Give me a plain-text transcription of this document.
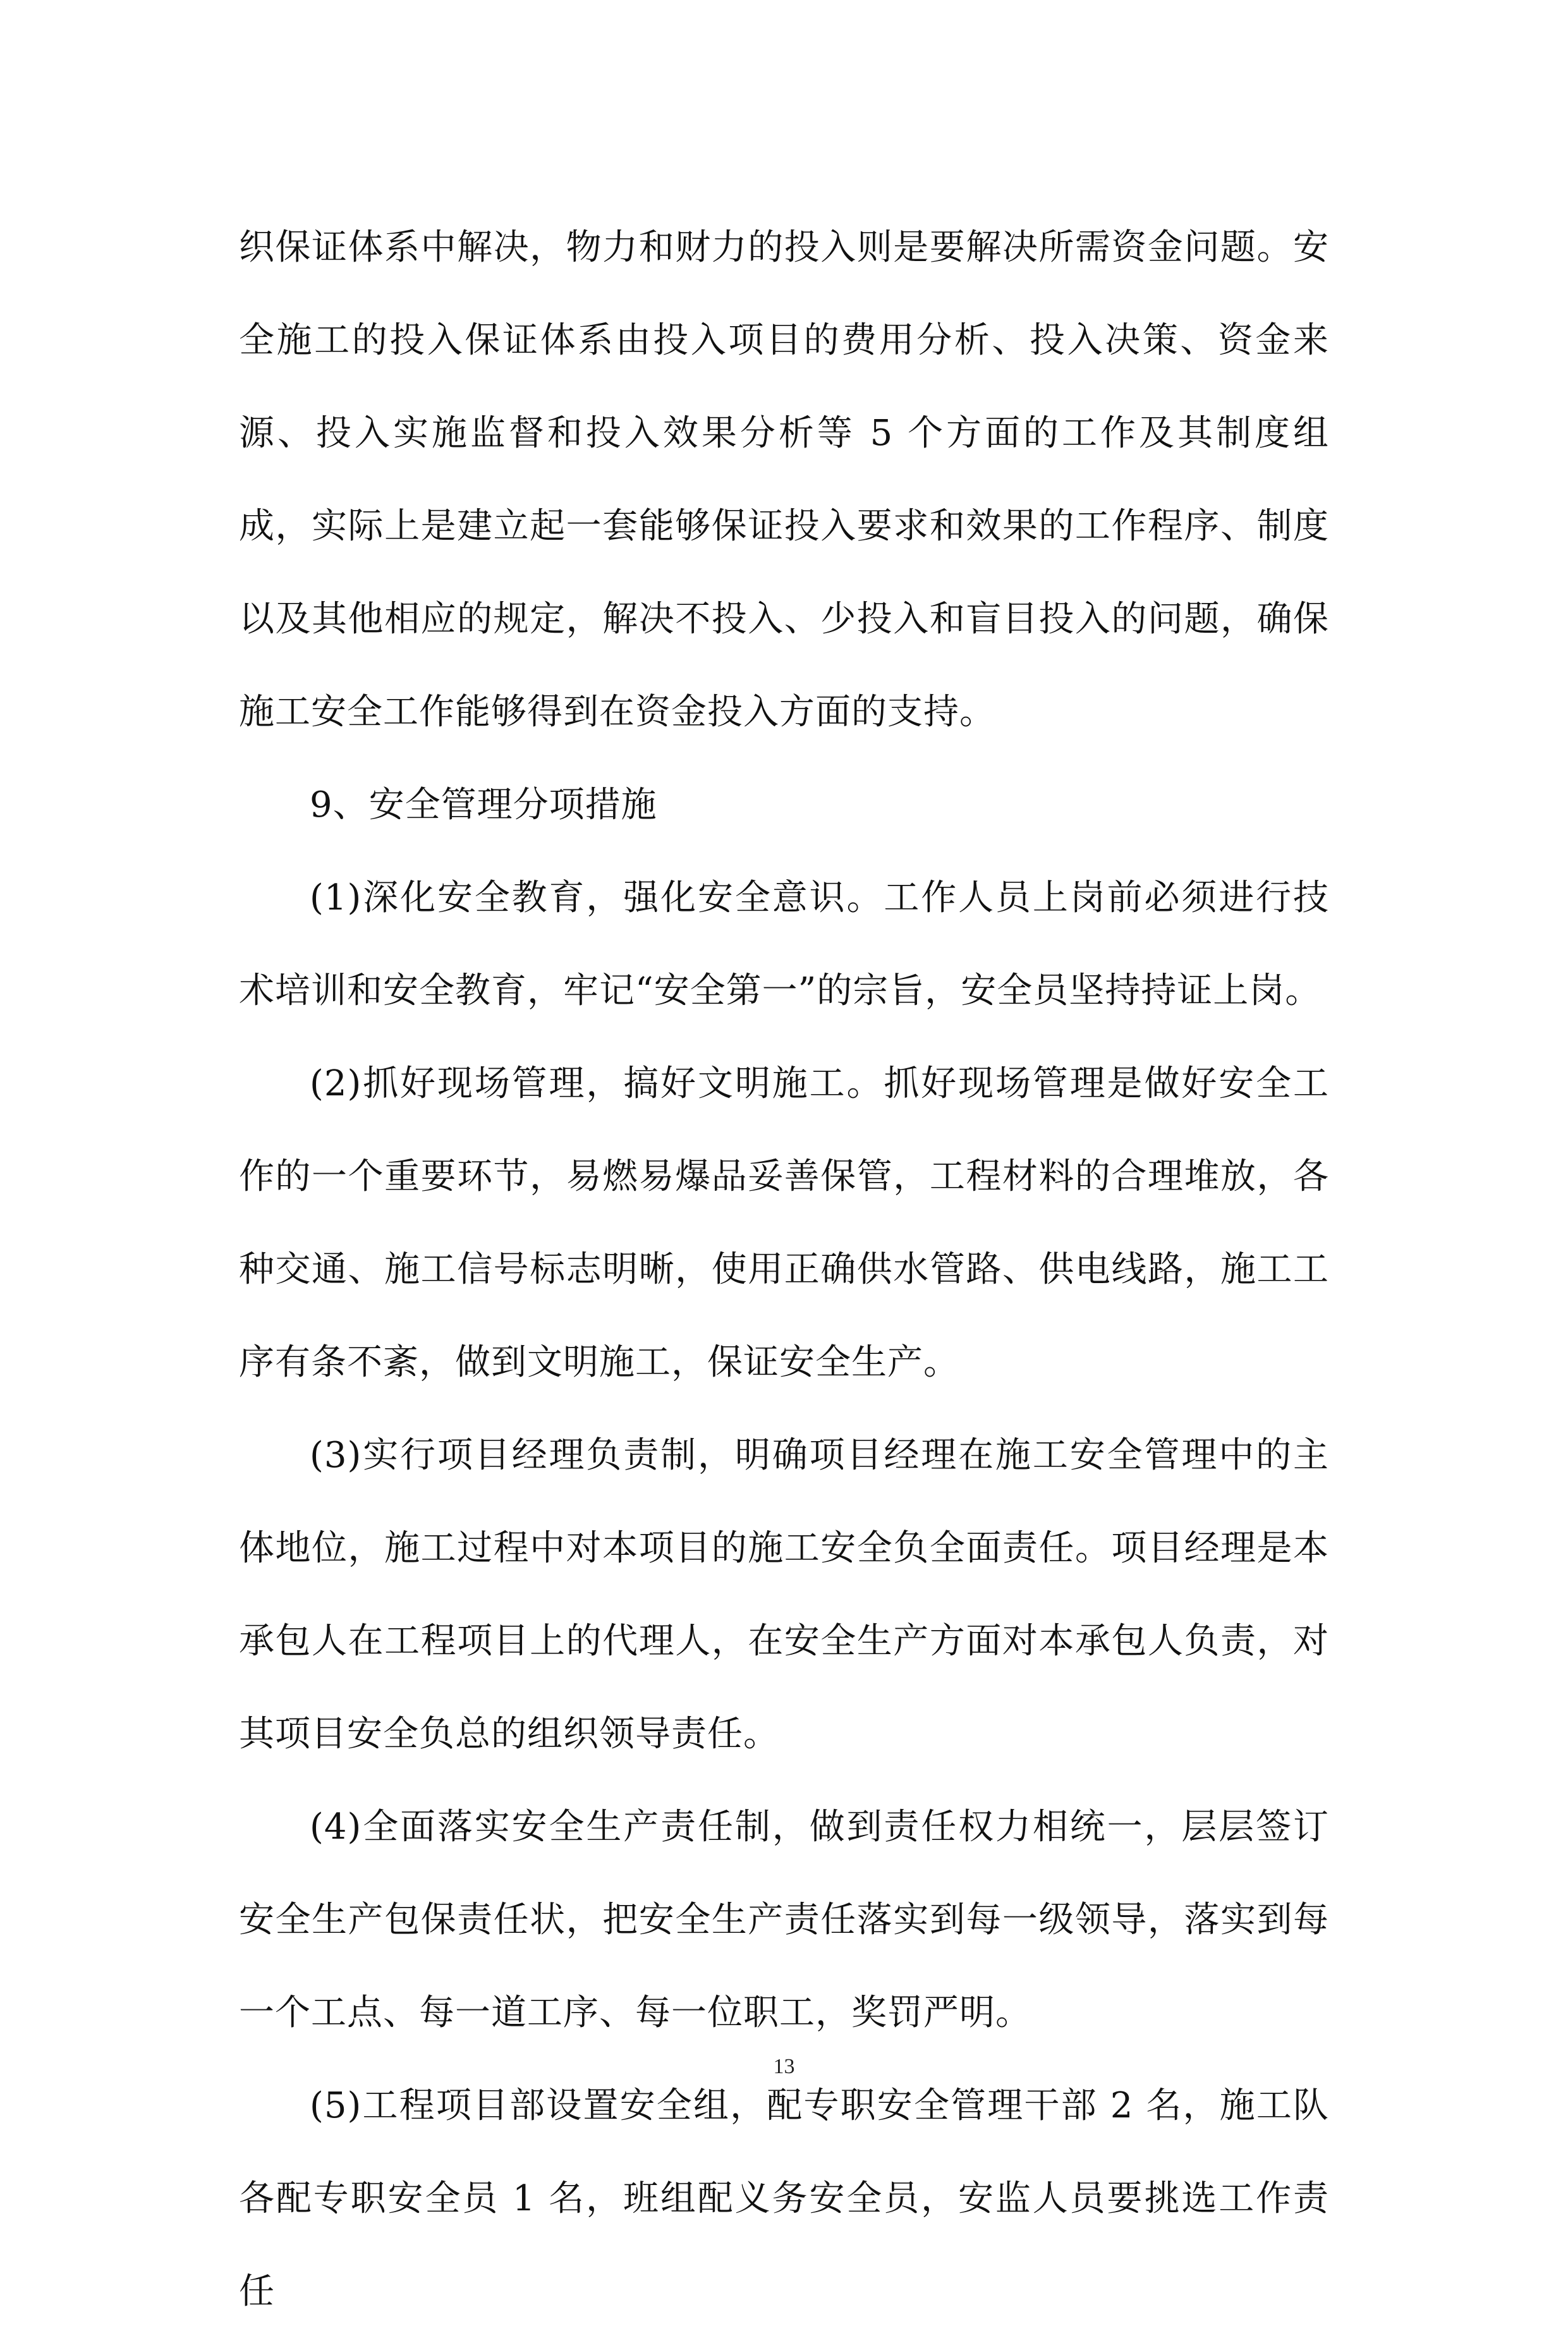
织保证体系中解决，物力和财力的投入则是要解决所需资金问题。安全施工的投入保证体系由投入项目的费用分析、投入决策、资金来源、投入实施监督和投入效果分析等 5 个方面的工作及其制度组成，实际上是建立起一套能够保证投入要求和效果的工作程序、制度以及其他相应的规定，解决不投入、少投入和盲目投入的问题，确保施工安全工作能够得到在资金投入方面的支持。

9、安全管理分项措施

(1)深化安全教育，强化安全意识。工作人员上岗前必须进行技术培训和安全教育，牢记“安全第一”的宗旨，安全员坚持持证上岗。

(2)抓好现场管理，搞好文明施工。抓好现场管理是做好安全工作的一个重要环节，易燃易爆品妥善保管，工程材料的合理堆放，各种交通、施工信号标志明晰，使用正确供水管路、供电线路，施工工序有条不紊，做到文明施工，保证安全生产。

(3)实行项目经理负责制，明确项目经理在施工安全管理中的主体地位，施工过程中对本项目的施工安全负全面责任。项目经理是本承包人在工程项目上的代理人，在安全生产方面对本承包人负责，对其项目安全负总的组织领导责任。

(4)全面落实安全生产责任制，做到责任权力相统一，层层签订安全生产包保责任状，把安全生产责任落实到每一级领导，落实到每一个工点、每一道工序、每一位职工，奖罚严明。

(5)工程项目部设置安全组，配专职安全管理干部 2 名，施工队各配专职安全员 1 名，班组配义务安全员，安监人员要挑选工作责任

13
